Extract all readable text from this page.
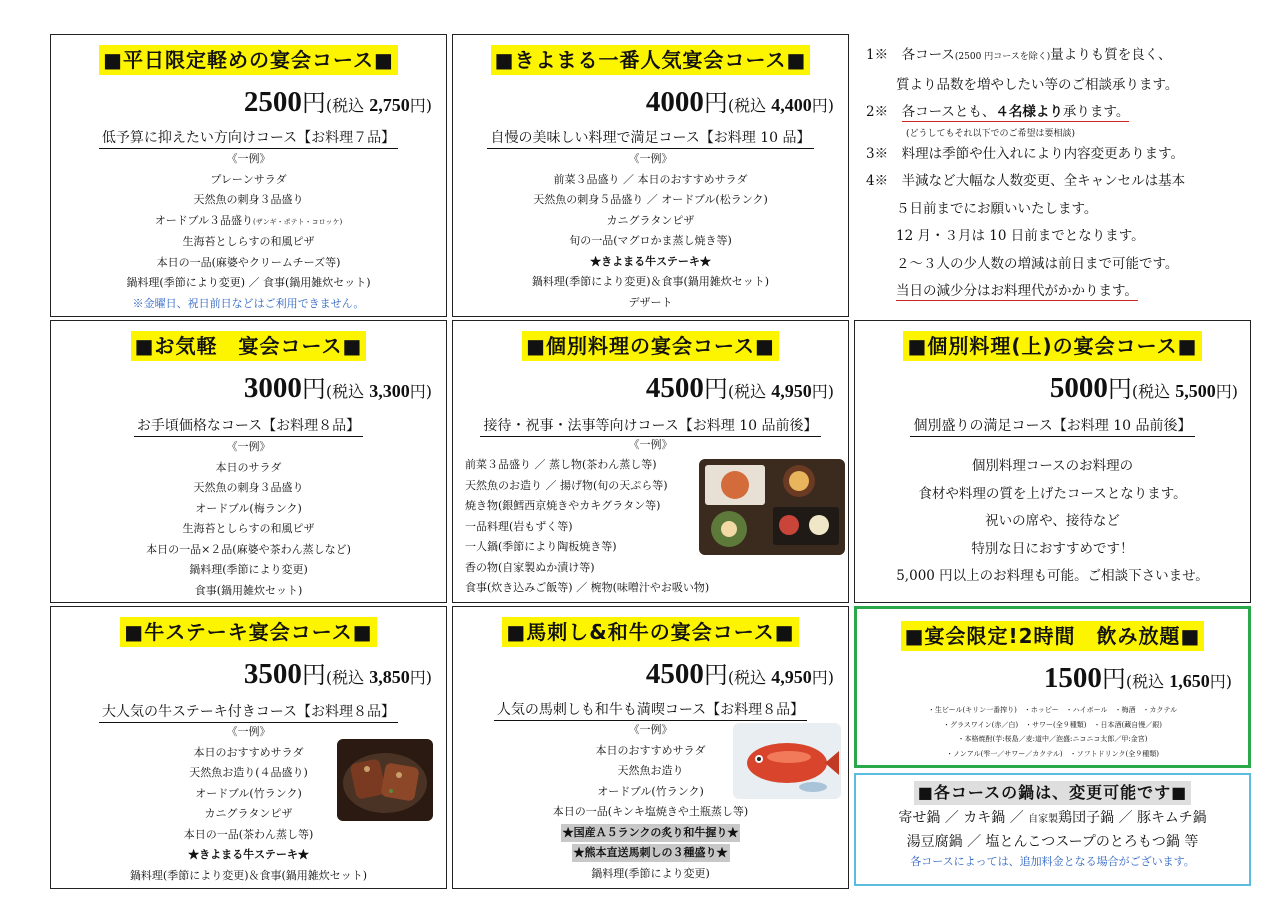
■平日限定軽めの宴会コース■
2500円(税込 2,750円)
低予算に抑えたい方向けコース【お料理７品】
《一例》
プレーンサラダ
天然魚の刺身３品盛り
オードブル３品盛り(ザンギ・ポテト・コロッケ)
生海苔としらすの和風ピザ
本日の一品(麻婆やクリームチーズ等)
鍋料理(季節により変更) ／ 食事(鍋用雑炊セット)
※金曜日、祝日前日などはご利用できません。
■きよまる一番人気宴会コース■
4000円(税込 4,400円)
自慢の美味しい料理で満足コース【お料理 10 品】
《一例》
前菜３品盛り ／ 本日のおすすめサラダ
天然魚の刺身５品盛り ／ オードブル(松ランク)
カニグラタンピザ
旬の一品(マグロかま蒸し焼き等)
★きよまる牛ステーキ★
鍋料理(季節により変更)＆食事(鍋用雑炊セット)
デザート
1※　 各コース(2500 円コースを除く)量よりも質を良く、
質より品数を増やしたい等のご相談承ります。
2※　 各コースとも、４名様より承ります。
(どうしてもそれ以下でのご希望は要相談)
3※　 料理は季節や仕入れにより内容変更あります。
4※　 半減など大幅な人数変更、全キャンセルは基本
５日前までにお願いいたします。
12 月・３月は 10 日前までとなります。
２～３人の少人数の増減は前日まで可能です。
当日の減少分はお料理代がかかります。
■お気軽　宴会コース■
3000円(税込 3,300円)
お手頃価格なコース【お料理８品】
《一例》
本日のサラダ
天然魚の刺身３品盛り
オードブル(梅ランク)
生海苔としらすの和風ピザ
本日の一品×２品(麻婆や茶わん蒸しなど)
鍋料理(季節により変更)
食事(鍋用雑炊セット)
■個別料理の宴会コース■
4500円(税込 4,950円)
接待・祝事・法事等向けコース【お料理 10 品前後】
《一例》
前菜３品盛り ／ 蒸し物(茶わん蒸し等)
天然魚のお造り ／ 揚げ物(旬の天ぷら等)
焼き物(銀鱈西京焼きやカキグラタン等)
一品料理(岩もずく等)
一人鍋(季節により陶板焼き等)
香の物(自家製ぬか漬け等)
食事(炊き込みご飯等) ／ 椀物(味噌汁やお吸い物)
■個別料理(上)の宴会コース■
5000円(税込 5,500円)
個別盛りの満足コース【お料理 10 品前後】
個別料理コースのお料理の
食材や料理の質を上げたコースとなります。
祝いの席や、接待など
特別な日におすすめです！
5,000 円以上のお料理も可能。ご相談下さいませ。
■牛ステーキ宴会コース■
3500円(税込 3,850円)
大人気の牛ステーキ付きコース【お料理８品】
《一例》
本日のおすすめサラダ
天然魚お造り(４品盛り)
オードブル(竹ランク)
カニグラタンピザ
本日の一品(茶わん蒸し等)
★きよまる牛ステーキ★
鍋料理(季節により変更)＆食事(鍋用雑炊セット)
■馬刺し&和牛の宴会コース■
4500円(税込 4,950円)
人気の馬刺しも和牛も満喫コース【お料理８品】
《一例》
本日のおすすめサラダ
天然魚お造り
オードブル(竹ランク)
本日の一品(キンキ塩焼きや土瓶蒸し等)
★国産Ａ５ランクの炙り和牛握り★
★熊本直送馬刺しの３種盛り★
鍋料理(季節により変更)
■宴会限定!2時間　飲み放題■
1500円(税込 1,650円)
・生ビール(キリン一番搾り)　・ホッピー　・ハイボール　・梅酒　・カクテル
・グラスワイン(赤／白)　・サワー(全９種類)　・日本酒(藏自慢／銀)
・本格焼酎(芋:桜島／麦:道中／泡盛:ニコニコ太郎／甲:金宮)
・ノンアル(雫一／サワー／カクテル)　・ソフトドリンク(全９種類)
■各コースの鍋は、変更可能です■
寄せ鍋 ／ カキ鍋 ／ 自家製鶏団子鍋 ／ 豚キムチ鍋
湯豆腐鍋 ／ 塩とんこつスープのとろもつ鍋 等
各コースによっては、追加料金となる場合がございます。
